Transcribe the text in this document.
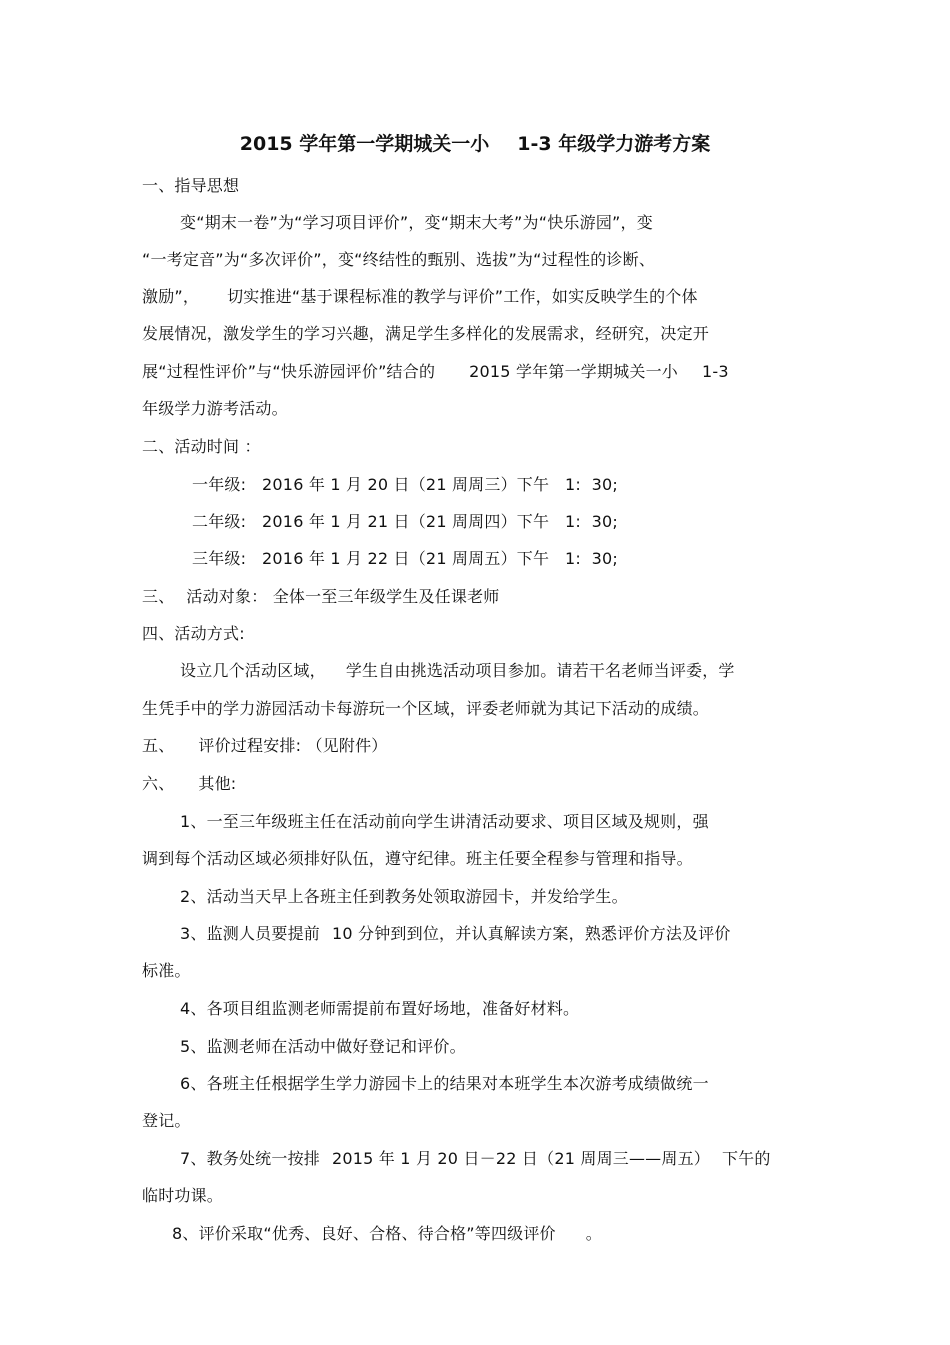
2015 学年第一学期城关一小 1-3 年级学力游考方案
一、指导思想
变“期末一卷”为“学习项目评价”，变“期末大考”为“快乐游园”，变
“一考定音”为“多次评价”，变“终结性的甄别、选拔”为“过程性的诊断、
激励”， 切实推进“基于课程标准的教学与评价”工作，如实反映学生的个体
发展情况，激发学生的学习兴趣，满足学生多样化的发展需求，经研究，决定开
展“过程性评价”与“快乐游园评价”结合的 2015 学年第一学期城关一小 1-3
年级学力游考活动。
二、活动时间 ：
一年级:   2016 年 1 月 20 日（21 周周三）下午   1:  30;
二年级:   2016 年 1 月 21 日（21 周周四）下午   1:  30;
三年级:   2016 年 1 月 22 日（21 周周五）下午   1:  30;
三、 活动对象： 全体一至三年级学生及任课老师
四、活动方式:
设立几个活动区域， 学生自由挑选活动项目参加。请若干名老师当评委，学
生凭手中的学力游园活动卡每游玩一个区域，评委老师就为其记下活动的成绩。
五、 评价过程安排: （见附件）
六、 其他:
1、一至三年级班主任在活动前向学生讲清活动要求、项目区域及规则，强
调到每个活动区域必须排好队伍，遵守纪律。班主任要全程参与管理和指导。
2、活动当天早上各班主任到教务处领取游园卡，并发给学生。
3、监测人员要提前 10 分钟到到位，并认真解读方案，熟悉评价方法及评价
标准。
4、各项目组监测老师需提前布置好场地，准备好材料。
5、监测老师在活动中做好登记和评价。
6、各班主任根据学生学力游园卡上的结果对本班学生本次游考成绩做统一
登记。
7、教务处统一按排 2015 年 1 月 20 日－22 日（21 周周三——周五） 下午的
临时功课。
8、评价采取“优秀、良好、合格、待合格”等四级评价 。
